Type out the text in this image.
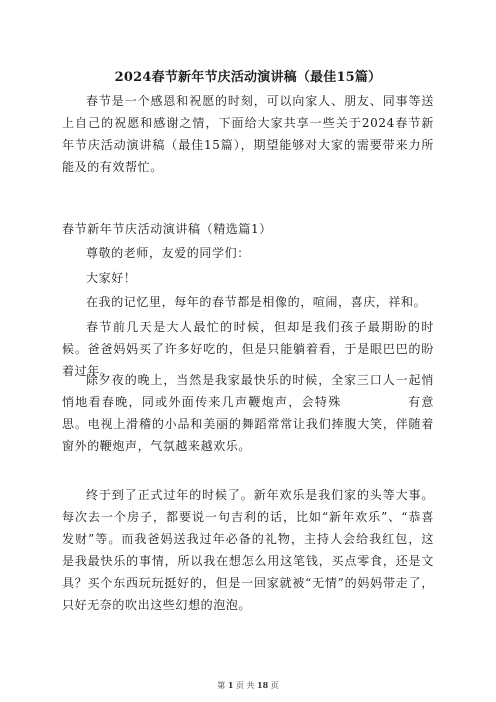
2024春节新年节庆活动演讲稿（最佳15篇）

春节是一个感恩和祝愿的时刻，可以向家人、朋友、同事等送上自己的祝愿和感谢之情，下面给大家共享一些关于2024春节新年节庆活动演讲稿（最佳15篇），期望能够对大家的需要带来力所能及的有效帮忙。

春节新年节庆活动演讲稿（精选篇1）

尊敬的老师，友爱的同学们：

大家好！

在我的记忆里，每年的春节都是相像的，喧闹，喜庆，祥和。

春节前几天是大人最忙的时候，但却是我们孩子最期盼的时候。爸爸妈妈买了许多好吃的，但是只能躺着看，于是眼巴巴的盼着过年。

除夕夜的晚上，当然是我家最快乐的时候，全家三口人一起悄悄地看春晚，同或外面传来几声鞭炮声，会特殊　　　　　有意思。电视上滑稽的小品和美丽的舞蹈常常让我们捧腹大笑，伴随着窗外的鞭炮声，气氛越来越欢乐。

终于到了正式过年的时候了。新年欢乐是我们家的头等大事。每次去一个房子，都要说一句吉利的话，比如“新年欢乐”、“恭喜发财”等。而我爸妈送我过年必备的礼物，主持人会给我红包，这是我最快乐的事情，所以我在想怎么用这笔钱，买点零食，还是文具？买个东西玩玩挺好的，但是一回家就被“无情”的妈妈带走了，只好无奈的吹出这些幻想的泡泡。

第 1 页 共 18 页
